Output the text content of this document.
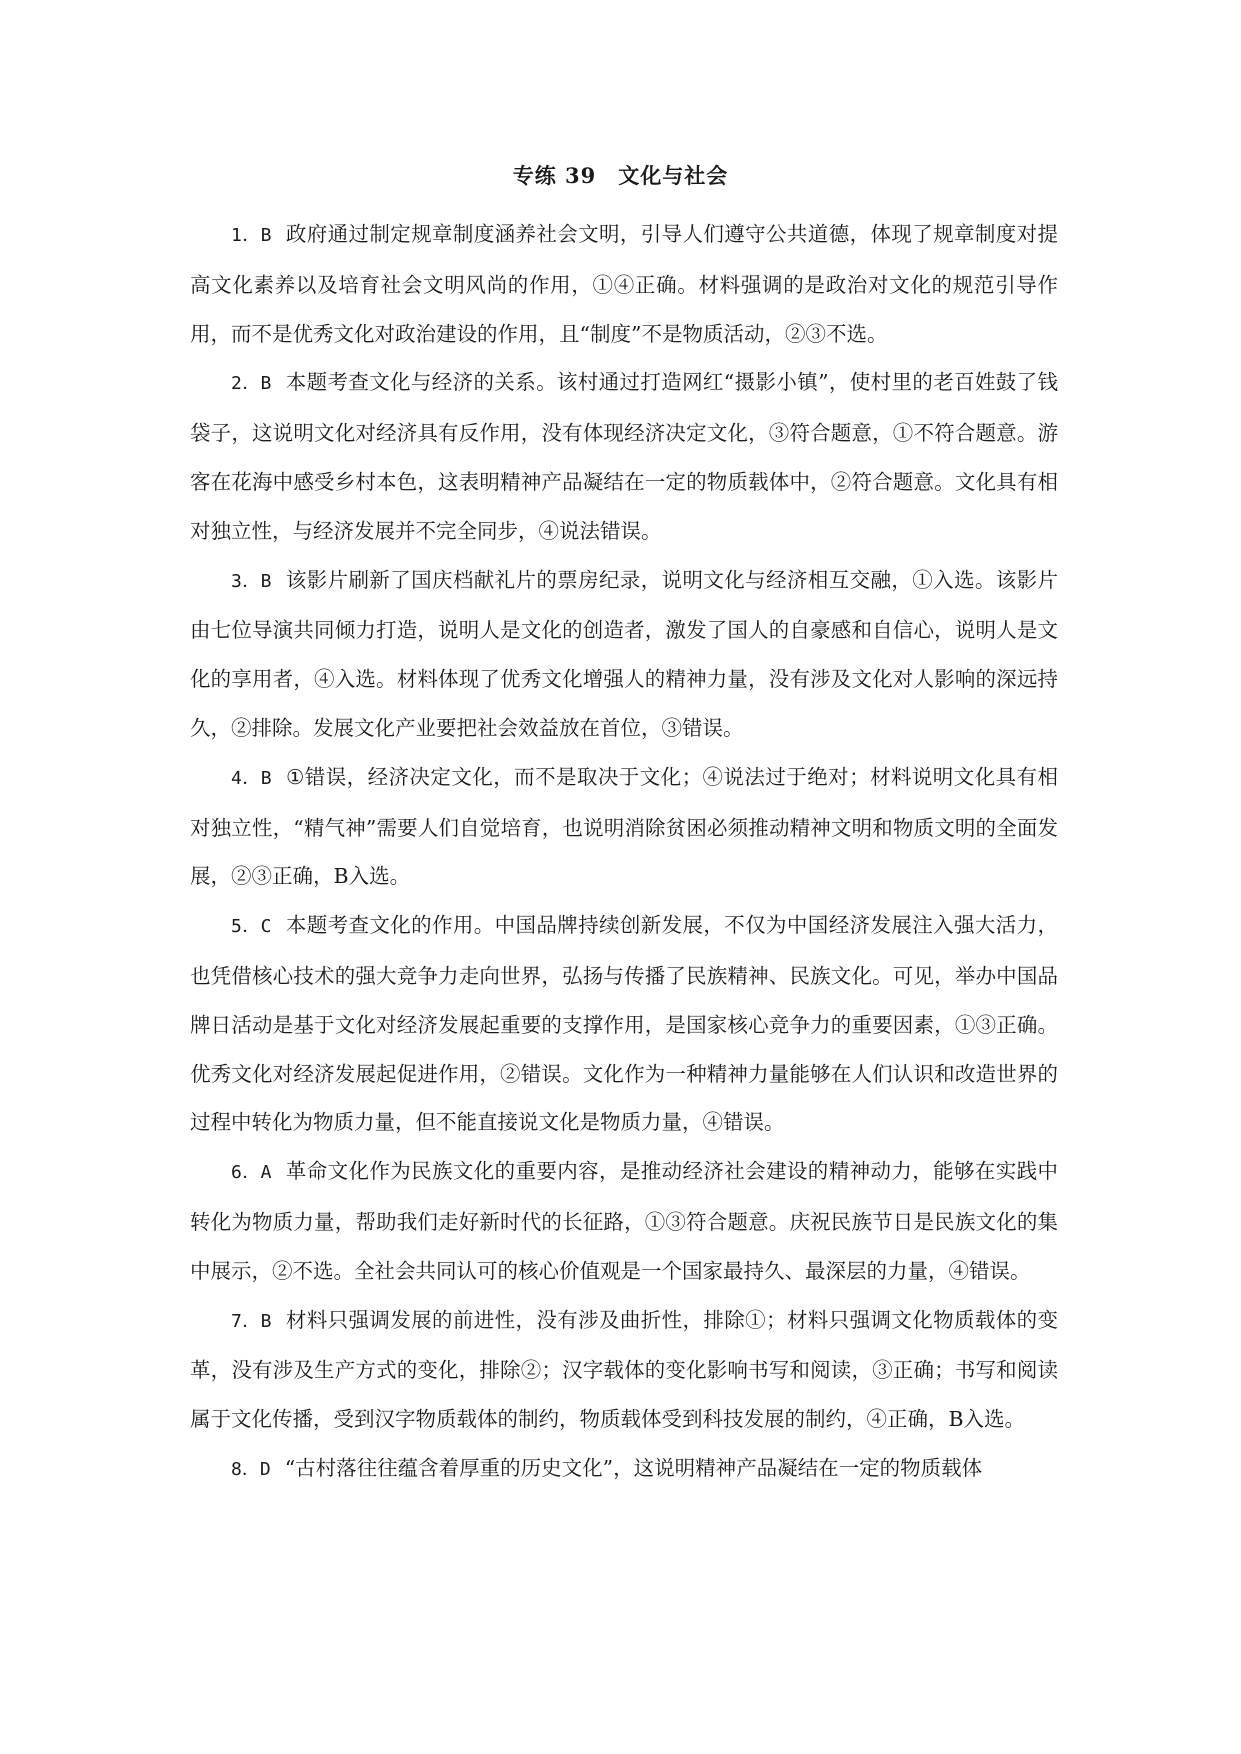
专练 39　文化与社会

1．B 政府通过制定规章制度涵养社会文明，引导人们遵守公共道德，体现了规章制度对提高文化素养以及培育社会文明风尚的作用，①④正确。材料强调的是政治对文化的规范引导作用，而不是优秀文化对政治建设的作用，且“制度”不是物质活动，②③不选。

2．B 本题考查文化与经济的关系。该村通过打造网红“摄影小镇”，使村里的老百姓鼓了钱袋子，这说明文化对经济具有反作用，没有体现经济决定文化，③符合题意，①不符合题意。游客在花海中感受乡村本色，这表明精神产品凝结在一定的物质载体中，②符合题意。文化具有相对独立性，与经济发展并不完全同步，④说法错误。

3．B 该影片刷新了国庆档献礼片的票房纪录，说明文化与经济相互交融，①入选。该影片由七位导演共同倾力打造，说明人是文化的创造者，激发了国人的自豪感和自信心，说明人是文化的享用者，④入选。材料体现了优秀文化增强人的精神力量，没有涉及文化对人影响的深远持久，②排除。发展文化产业要把社会效益放在首位，③错误。

4．B ①错误，经济决定文化，而不是取决于文化；④说法过于绝对；材料说明文化具有相对独立性，“精气神”需要人们自觉培育，也说明消除贫困必须推动精神文明和物质文明的全面发展，②③正确，B入选。

5．C 本题考查文化的作用。中国品牌持续创新发展，不仅为中国经济发展注入强大活力，也凭借核心技术的强大竞争力走向世界，弘扬与传播了民族精神、民族文化。可见，举办中国品牌日活动是基于文化对经济发展起重要的支撑作用，是国家核心竞争力的重要因素，①③正确。优秀文化对经济发展起促进作用，②错误。文化作为一种精神力量能够在人们认识和改造世界的过程中转化为物质力量，但不能直接说文化是物质力量，④错误。

6．A 革命文化作为民族文化的重要内容，是推动经济社会建设的精神动力，能够在实践中转化为物质力量，帮助我们走好新时代的长征路，①③符合题意。庆祝民族节日是民族文化的集中展示，②不选。全社会共同认可的核心价值观是一个国家最持久、最深层的力量，④错误。

7．B 材料只强调发展的前进性，没有涉及曲折性，排除①；材料只强调文化物质载体的变革，没有涉及生产方式的变化，排除②；汉字载体的变化影响书写和阅读，③正确；书写和阅读属于文化传播，受到汉字物质载体的制约，物质载体受到科技发展的制约，④正确，B入选。

8．D “古村落往往蕴含着厚重的历史文化”，这说明精神产品凝结在一定的物质载体
